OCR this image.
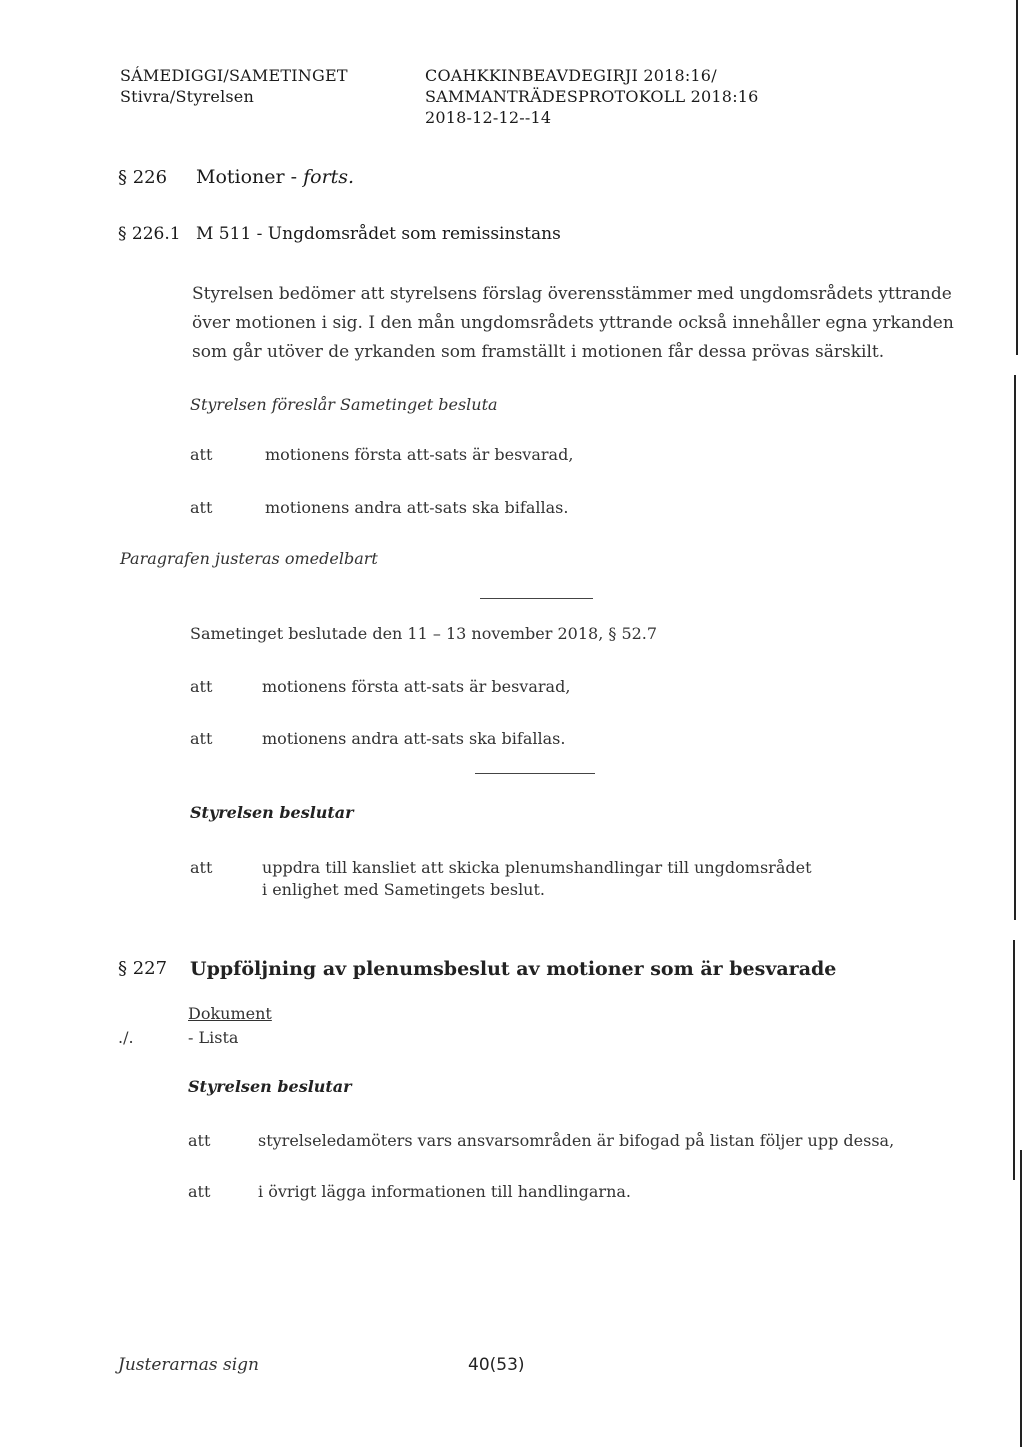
SÁMEDIGGI/SAMETINGET
Stivra/Styrelsen
COAHKKINBEAVDEGIRJI 2018:16/
SAMMANTRÄDESPROTOKOLL 2018:16
2018-12-12--14
§ 226 Motioner - forts.
§ 226.1 M 511 - Ungdomsrådet som remissinstans
Styrelsen bedömer att styrelsens förslag överensstämmer med ungdomsrådets yttrande
över motionen i sig. I den mån ungdomsrådets yttrande också innehåller egna yrkanden
som går utöver de yrkanden som framställt i motionen får dessa prövas särskilt.
Styrelsen föreslår Sametinget besluta
att	motionens första att-sats är besvarad,
att	motionens andra att-sats ska bifallas.
Paragrafen justeras omedelbart
Sametinget beslutade den 11 – 13 november 2018, § 52.7
att	motionens första att-sats är besvarad,
att	motionens andra att-sats ska bifallas.
Styrelsen beslutar
att	uppdra till kansliet att skicka plenumshandlingar till ungdomsrådet
i enlighet med Sametingets beslut.
§ 227 Uppföljning av plenumsbeslut av motioner som är besvarade
Dokument
./.	- Lista
Styrelsen beslutar
att	styrelseledamöters vars ansvarsområden är bifogad på listan följer upp dessa,
att	i övrigt lägga informationen till handlingarna.
Justerarnas sign	40(53)
